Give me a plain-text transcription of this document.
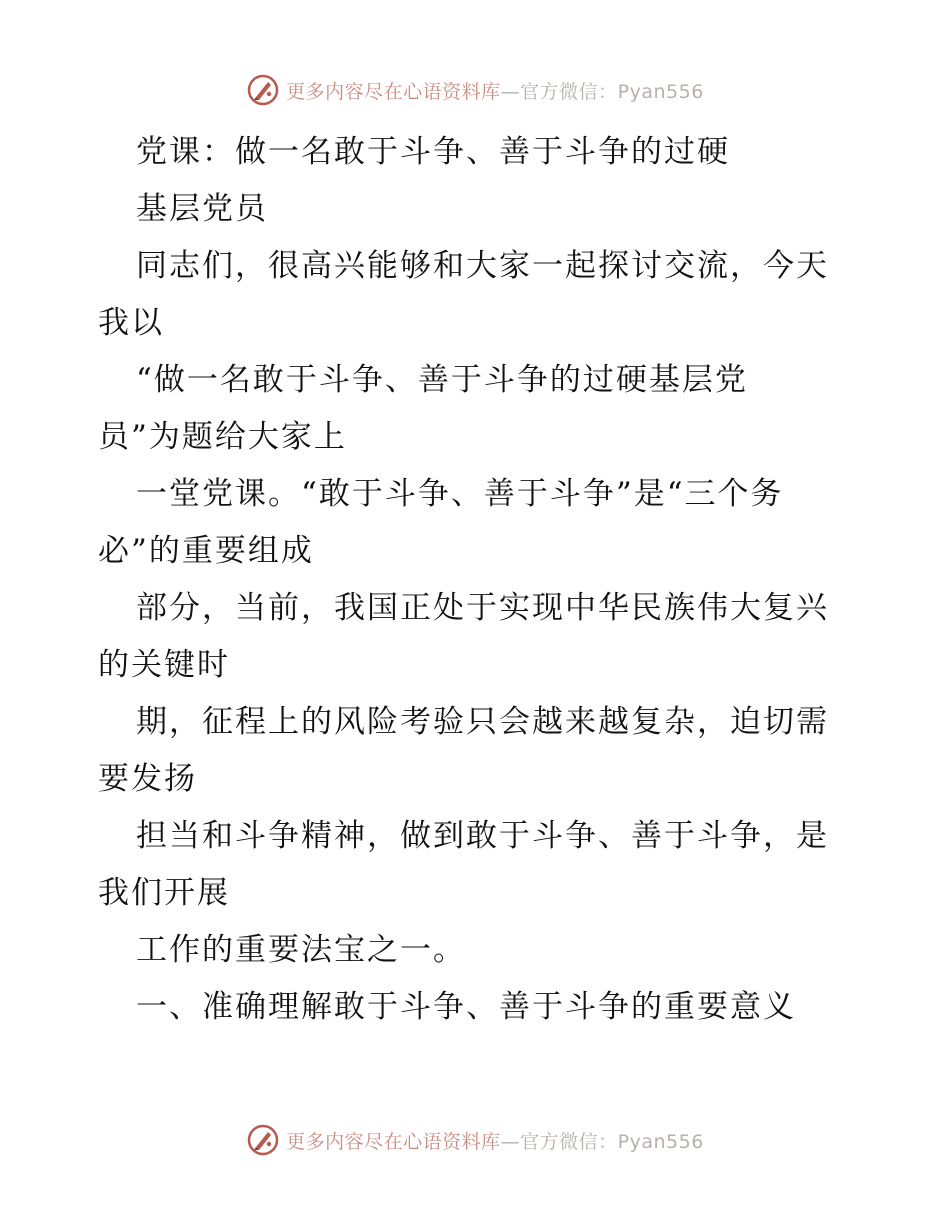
更多内容尽在心语资料库—官方微信：Pyan556
党课：做一名敢于斗争、善于斗争的过硬
基层党员
同志们，很高兴能够和大家一起探讨交流，今天
我以
“做一名敢于斗争、善于斗争的过硬基层党
员”为题给大家上
一堂党课。“敢于斗争、善于斗争”是“三个务
必”的重要组成
部分，当前，我国正处于实现中华民族伟大复兴
的关键时
期，征程上的风险考验只会越来越复杂，迫切需
要发扬
担当和斗争精神，做到敢于斗争、善于斗争，是
我们开展
工作的重要法宝之一。
一、准确理解敢于斗争、善于斗争的重要意义
更多内容尽在心语资料库—官方微信：Pyan556
